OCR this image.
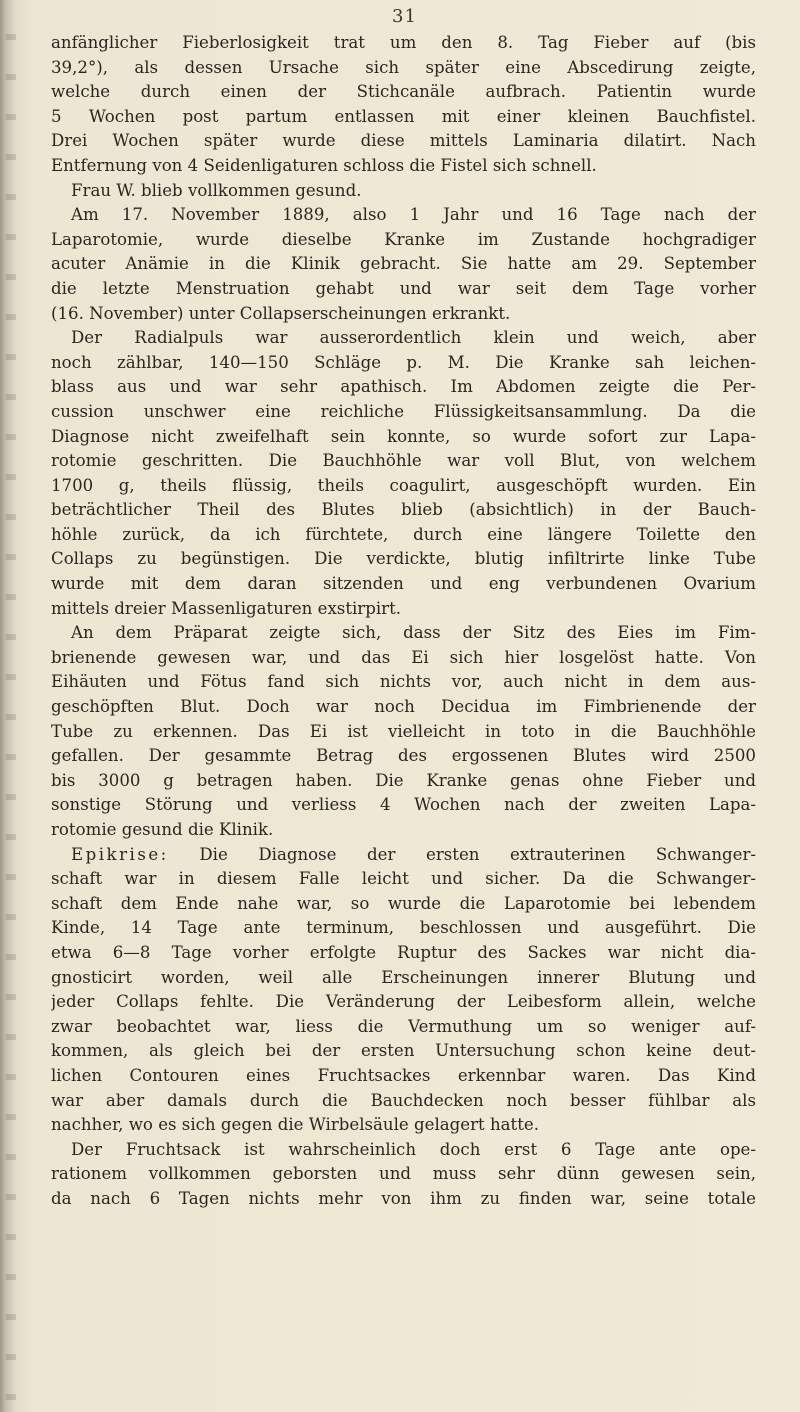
31
anfänglicher Fieberlosigkeit trat um den 8. Tag Fieber auf (bis
39,2°), als dessen Ursache sich später eine Abscedirung zeigte,
welche durch einen der Stichcanäle aufbrach. Patientin wurde
5 Wochen post partum entlassen mit einer kleinen Bauchfistel.
Drei Wochen später wurde diese mittels Laminaria dilatirt. Nach
Entfernung von 4 Seidenligaturen schloss die Fistel sich schnell.
Frau W. blieb vollkommen gesund.
Am 17. November 1889, also 1 Jahr und 16 Tage nach der
Laparotomie, wurde dieselbe Kranke im Zustande hochgradiger
acuter Anämie in die Klinik gebracht. Sie hatte am 29. September
die letzte Menstruation gehabt und war seit dem Tage vorher
(16. November) unter Collapserscheinungen erkrankt.
Der Radialpuls war ausserordentlich klein und weich, aber
noch zählbar, 140—150 Schläge p. M. Die Kranke sah leichen-
blass aus und war sehr apathisch. Im Abdomen zeigte die Per-
cussion unschwer eine reichliche Flüssigkeitsansammlung. Da die
Diagnose nicht zweifelhaft sein konnte, so wurde sofort zur Lapa-
rotomie geschritten. Die Bauchhöhle war voll Blut, von welchem
1700 g, theils flüssig, theils coagulirt, ausgeschöpft wurden. Ein
beträchtlicher Theil des Blutes blieb (absichtlich) in der Bauch-
höhle zurück, da ich fürchtete, durch eine längere Toilette den
Collaps zu begünstigen. Die verdickte, blutig infiltrirte linke Tube
wurde mit dem daran sitzenden und eng verbundenen Ovarium
mittels dreier Massenligaturen exstirpirt.
An dem Präparat zeigte sich, dass der Sitz des Eies im Fim-
brienende gewesen war, und das Ei sich hier losgelöst hatte. Von
Eihäuten und Fötus fand sich nichts vor, auch nicht in dem aus-
geschöpften Blut. Doch war noch Decidua im Fimbrienende der
Tube zu erkennen. Das Ei ist vielleicht in toto in die Bauchhöhle
gefallen. Der gesammte Betrag des ergossenen Blutes wird 2500
bis 3000 g betragen haben. Die Kranke genas ohne Fieber und
sonstige Störung und verliess 4 Wochen nach der zweiten Lapa-
rotomie gesund die Klinik.
Epikrise: Die Diagnose der ersten extrauterinen Schwanger-
schaft war in diesem Falle leicht und sicher. Da die Schwanger-
schaft dem Ende nahe war, so wurde die Laparotomie bei lebendem
Kinde, 14 Tage ante terminum, beschlossen und ausgeführt. Die
etwa 6—8 Tage vorher erfolgte Ruptur des Sackes war nicht dia-
gnosticirt worden, weil alle Erscheinungen innerer Blutung und
jeder Collaps fehlte. Die Veränderung der Leibesform allein, welche
zwar beobachtet war, liess die Vermuthung um so weniger auf-
kommen, als gleich bei der ersten Untersuchung schon keine deut-
lichen Contouren eines Fruchtsackes erkennbar waren. Das Kind
war aber damals durch die Bauchdecken noch besser fühlbar als
nachher, wo es sich gegen die Wirbelsäule gelagert hatte.
Der Fruchtsack ist wahrscheinlich doch erst 6 Tage ante ope-
rationem vollkommen geborsten und muss sehr dünn gewesen sein,
da nach 6 Tagen nichts mehr von ihm zu finden war, seine totale
